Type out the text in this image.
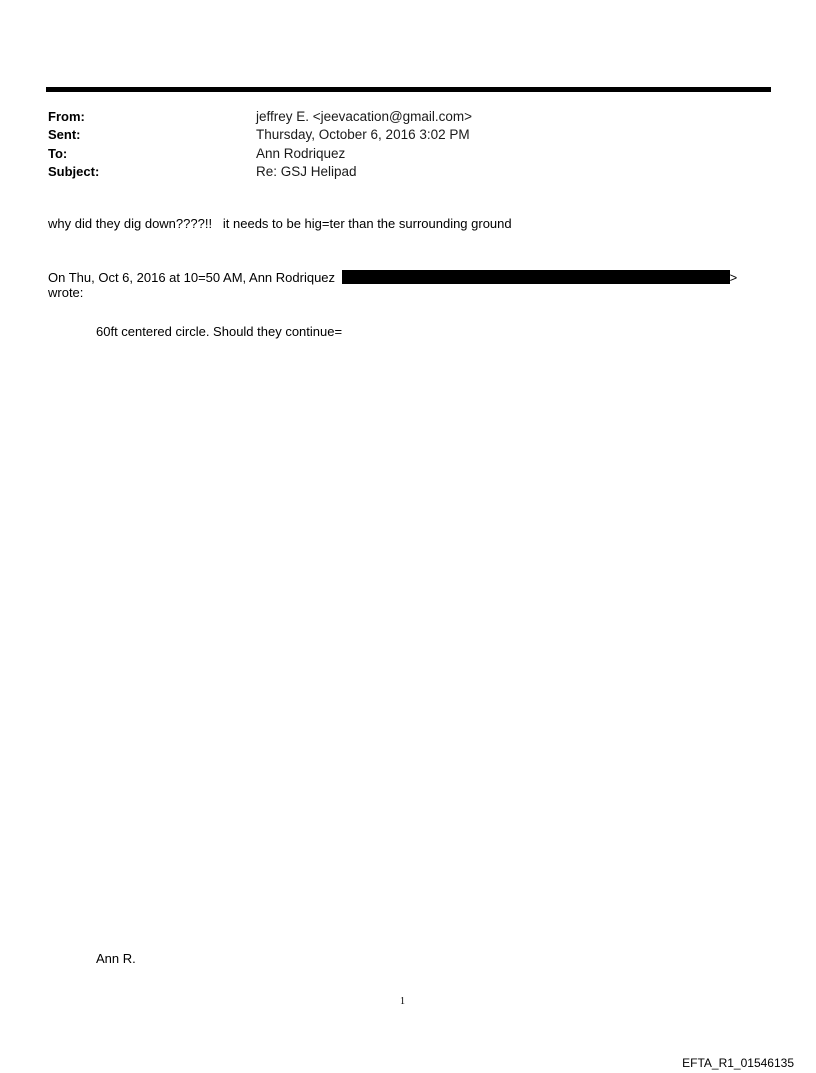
From:	jeffrey E. <jeevacation@gmail.com>
Sent:	Thursday, October 6, 2016 3:02 PM
To:	Ann Rodriquez
Subject:	Re: GSJ Helipad
why did they dig down????!!   it needs to be hig=ter than the surrounding ground
On Thu, Oct 6, 2016 at 10=50 AM, Ann Rodriquez	>
wrote:
60ft centered circle. Should they continue=
Ann R.
1
EFTA_R1_01546135
